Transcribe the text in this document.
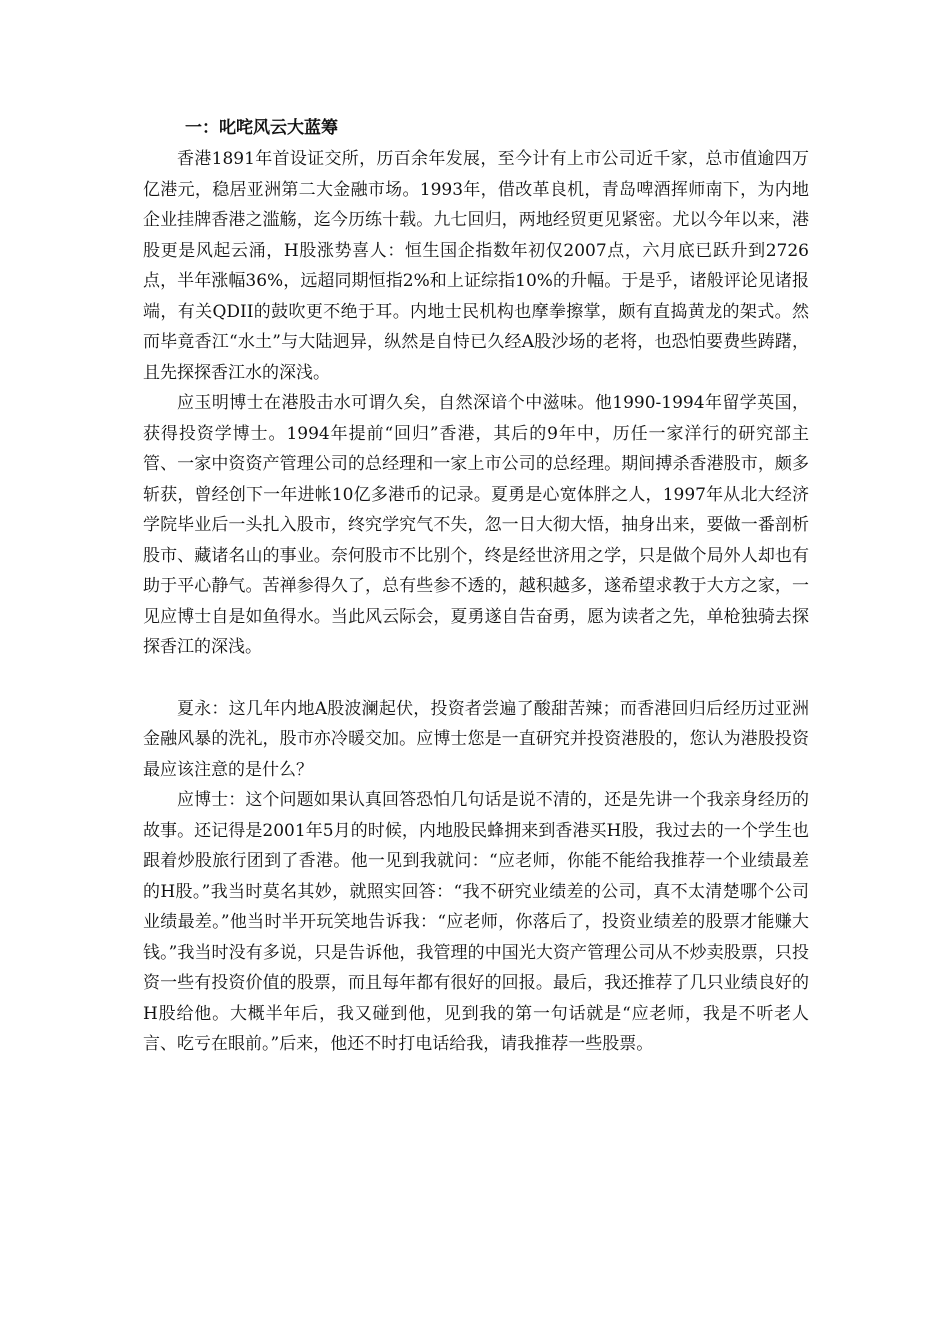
一：叱咤风云大蓝筹

香港1891年首设证交所，历百余年发展，至今计有上市公司近千家，总市值逾四万亿港元，稳居亚洲第二大金融市场。1993年，借改革良机，青岛啤酒挥师南下，为内地企业挂牌香港之滥觞，迄今历练十载。九七回归，两地经贸更见紧密。尤以今年以来，港股更是风起云涌，H股涨势喜人：恒生国企指数年初仅2007点，六月底已跃升到2726点，半年涨幅36%，远超同期恒指2%和上证综指10%的升幅。于是乎，诸般评论见诸报端，有关QDII的鼓吹更不绝于耳。内地士民机构也摩拳擦掌，颇有直捣黄龙的架式。然而毕竟香江“水土”与大陆迥异，纵然是自恃已久经A股沙场的老将，也恐怕要费些踌躇，且先探探香江水的深浅。

应玉明博士在港股击水可谓久矣，自然深谙个中滋味。他1990-1994年留学英国，获得投资学博士。1994年提前“回归”香港，其后的9年中，历任一家洋行的研究部主管、一家中资资产管理公司的总经理和一家上市公司的总经理。期间搏杀香港股市，颇多斩获，曾经创下一年进帐10亿多港币的记录。夏勇是心宽体胖之人，1997年从北大经济学院毕业后一头扎入股市，终究学究气不失，忽一日大彻大悟，抽身出来，要做一番剖析股市、藏诸名山的事业。奈何股市不比别个，终是经世济用之学，只是做个局外人却也有助于平心静气。苦禅参得久了，总有些参不透的，越积越多，遂希望求教于大方之家，一见应博士自是如鱼得水。当此风云际会，夏勇遂自告奋勇，愿为读者之先，单枪独骑去探探香江的深浅。

夏永：这几年内地A股波澜起伏，投资者尝遍了酸甜苦辣；而香港回归后经历过亚洲金融风暴的洗礼，股市亦冷暖交加。应博士您是一直研究并投资港股的，您认为港股投资最应该注意的是什么？

应博士：这个问题如果认真回答恐怕几句话是说不清的，还是先讲一个我亲身经历的故事。还记得是2001年5月的时候，内地股民蜂拥来到香港买H股，我过去的一个学生也跟着炒股旅行团到了香港。他一见到我就问：“应老师，你能不能给我推荐一个业绩最差的H股。”我当时莫名其妙，就照实回答：“我不研究业绩差的公司，真不太清楚哪个公司业绩最差。”他当时半开玩笑地告诉我：“应老师，你落后了，投资业绩差的股票才能赚大钱。”我当时没有多说，只是告诉他，我管理的中国光大资产管理公司从不炒卖股票，只投资一些有投资价值的股票，而且每年都有很好的回报。最后，我还推荐了几只业绩良好的H股给他。大概半年后，我又碰到他，见到我的第一句话就是“应老师，我是不听老人言、吃亏在眼前。”后来，他还不时打电话给我，请我推荐一些股票。
